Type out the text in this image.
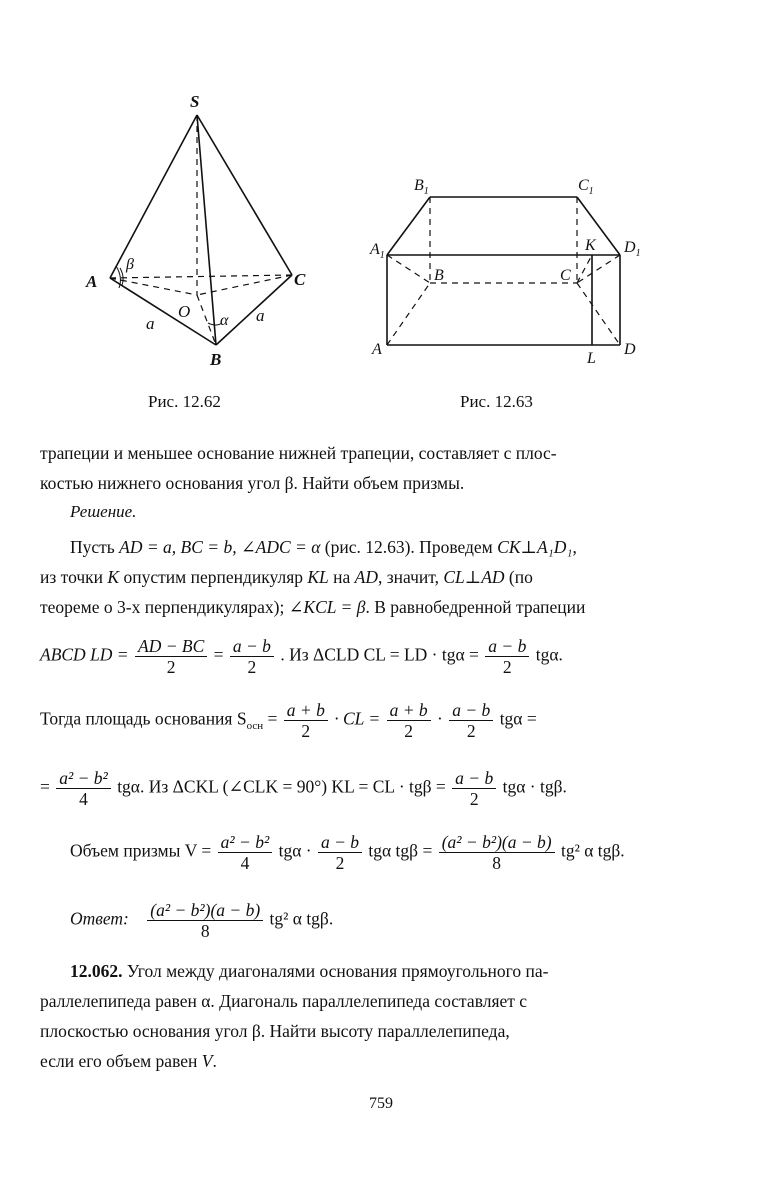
S
A	C
B
O
a	a
α
β
Рис. 12.62
$B_1$	$C_1$
$A_1$	$D_1$
K
B	C
A
L
D
Рис. 12.63
трапеции и меньшее основание нижней трапеции, составляет с плос-
костью нижнего основания угол β. Найти объем призмы.
Решение.
Пусть AD = a, BC = b, ∠ADC = α (рис. 12.63). Проведем CK⊥A₁D₁,
из точки K опустим перпендикуляр KL на AD, значит, CL⊥AD (по
теореме о 3-х перпендикулярах); ∠KCL = β. В равнобедренной трапеции
ABCD LD = $\frac{AD - BC}{2} = \frac{a - b}{2}$ . Из ΔCLD CL = LD · $tg\alpha = \frac{a - b}{2} tg\alpha$.
Тогда площадь основания $S_{осн} = \frac{a + b}{2}$ · CL = $\frac{a + b}{2} \cdot \frac{a - b}{2}$ tgα =
= $\frac{\text{a² − b²}}{4} tg\alpha$. Из ΔCKL (∠CLK = 90°) KL = CL · $tg\beta = \frac{a - b}{2}$ tgα · tgβ.
Объем призмы $V = \frac{\text{a² − b²}}{4}$ $tg\alpha \cdot \frac{a - b}{2}$ tgα $tg\beta = \frac{\text{(a² − b²)(a − b)}}{8} tg^2$ α tgβ.
Ответ: $\frac{\text{(a² − b²)(a − b)}}{8} tg^2$ α tgβ.
12.062. Угол между диагоналями основания прямоугольного па-
раллелепипеда равен α. Диагональ параллелепипеда составляет с
плоскостью основания угол β. Найти высоту параллелепипеда,
если его объем равен V.
759
